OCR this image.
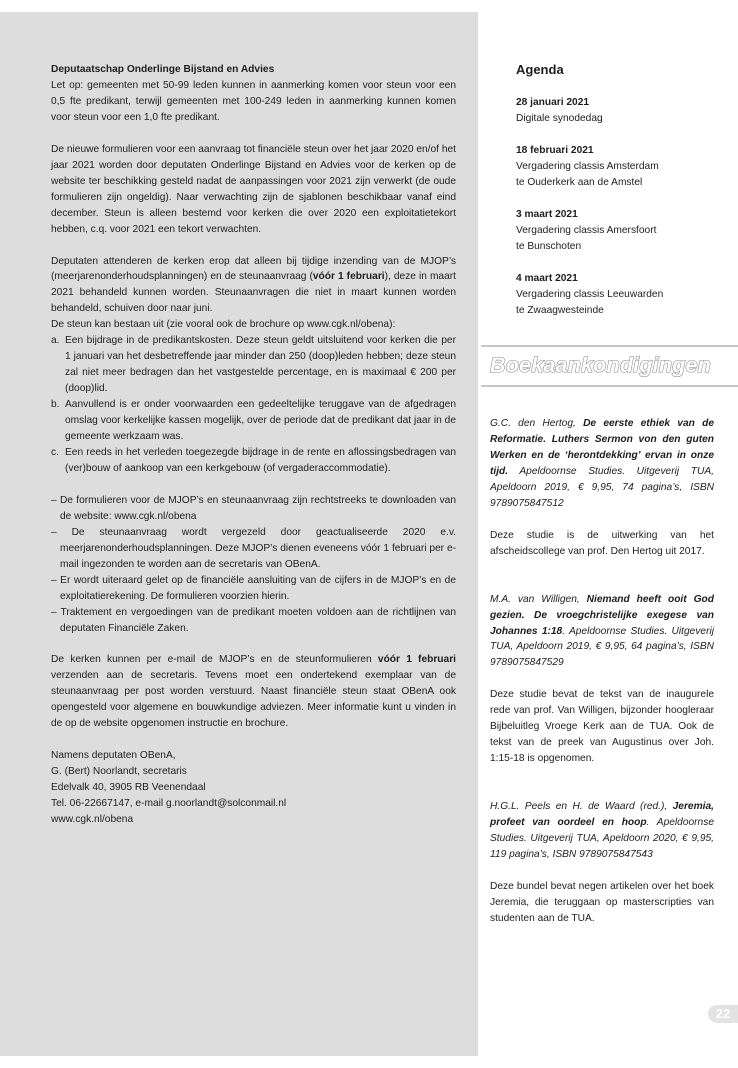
Deputaatschap Onderlinge Bijstand en Advies

Let op: gemeenten met 50-99 leden kunnen in aanmerking komen voor steun voor een 0,5 fte predikant, terwijl gemeenten met 100-249 leden in aanmerking kunnen komen voor steun voor een 1,0 fte predikant.

De nieuwe formulieren voor een aanvraag tot financiële steun over het jaar 2020 en/of het jaar 2021 worden door deputaten Onderlinge Bijstand en Advies voor de kerken op de website ter beschikking gesteld nadat de aanpassingen voor 2021 zijn verwerkt (de oude formulieren zijn ongeldig). Naar verwachting zijn de sjablonen beschikbaar vanaf eind december. Steun is alleen bestemd voor kerken die over 2020 een exploitatietekort hebben, c.q. voor 2021 een tekort verwachten.

Deputaten attenderen de kerken erop dat alleen bij tijdige inzending van de MJOP’s (meerjarenonderhoudsplanningen) en de steunaanvraag (vóór 1 februari), deze in maart 2021 behandeld kunnen worden. Steunaanvragen die niet in maart kunnen worden behandeld, schuiven door naar juni.

De steun kan bestaan uit (zie vooral ook de brochure op www.cgk.nl/obena):

a. Een bijdrage in de predikantskosten. Deze steun geldt uitsluitend voor kerken die per 1 januari van het desbetreffende jaar minder dan 250 (doop)leden hebben; deze steun zal niet meer bedragen dan het vastgestelde percentage, en is maximaal € 200 per (doop)lid.

b. Aanvullend is er onder voorwaarden een gedeeltelijke teruggave van de afgedragen omslag voor kerkelijke kassen mogelijk, over de periode dat de predikant dat jaar in de gemeente werkzaam was.

c. Een reeds in het verleden toegezegde bijdrage in de rente en aflossingsbedragen van (ver)bouw of aankoop van een kerkgebouw (of vergaderaccommodatie).

– De formulieren voor de MJOP’s en steunaanvraag zijn rechtstreeks te downloaden van de website: www.cgk.nl/obena

– De steunaanvraag wordt vergezeld door geactualiseerde 2020 e.v. meerjarenonderhoudsplanningen. Deze MJOP’s dienen eveneens vóór 1 februari per e-mail ingezonden te worden aan de secretaris van OBenA.

– Er wordt uiteraard gelet op de financiële aansluiting van de cijfers in de MJOP’s en de exploitatierekening. De formulieren voorzien hierin.

– Traktement en vergoedingen van de predikant moeten voldoen aan de richtlijnen van deputaten Financiële Zaken.

De kerken kunnen per e-mail de MJOP’s en de steunformulieren vóór 1 februari verzenden aan de secretaris. Tevens moet een ondertekend exemplaar van de steunaanvraag per post worden verstuurd. Naast financiële steun staat OBenA ook opengesteld voor algemene en bouwkundige adviezen. Meer informatie kunt u vinden in de op de website opgenomen instructie en brochure.

Namens deputaten OBenA,

G. (Bert) Noorlandt, secretaris

Edelvalk 40, 3905 RB Veenendaal

Tel. 06-22667147, e-mail g.noorlandt@solconmail.nl

www.cgk.nl/obena

Agenda

28 januari 2021
Digitale synodedag
18 februari 2021
Vergadering classis Amsterdam
te Ouderkerk aan de Amstel
3 maart 2021
Vergadering classis Amersfoort
te Bunschoten
4 maart 2021
Vergadering classis Leeuwarden
te Zwaagwesteinde
Boekaankondigingen

G.C. den Hertog, De eerste ethiek van de Reformatie. Luthers Sermon von den guten Werken en de ‘herontdekking’ ervan in onze tijd. Apeldoornse Studies. Uitgeverij TUA, Apeldoorn 2019, € 9,95, 74 pagina’s, ISBN 9789075847512

Deze studie is de uitwerking van het afscheidscollege van prof. Den Hertog uit 2017.

M.A. van Willigen, Niemand heeft ooit God gezien. De vroegchristelijke exegese van Johannes 1:18. Apeldoornse Studies. Uitgeverij TUA, Apeldoorn 2019, € 9,95, 64 pagina’s, ISBN 9789075847529

Deze studie bevat de tekst van de inaugurele rede van prof. Van Willigen, bijzonder hoogleraar Bijbeluitleg Vroege Kerk aan de TUA. Ook de tekst van de preek van Augustinus over Joh. 1:15-18 is opgenomen.

H.G.L. Peels en H. de Waard (red.), Jeremia, profeet van oordeel en hoop. Apeldoornse Studies. Uitgeverij TUA, Apeldoorn 2020, € 9,95, 119 pagina’s, ISBN 9789075847543

Deze bundel bevat negen artikelen over het boek Jeremia, die teruggaan op masterscripties van studenten aan de TUA.

22
